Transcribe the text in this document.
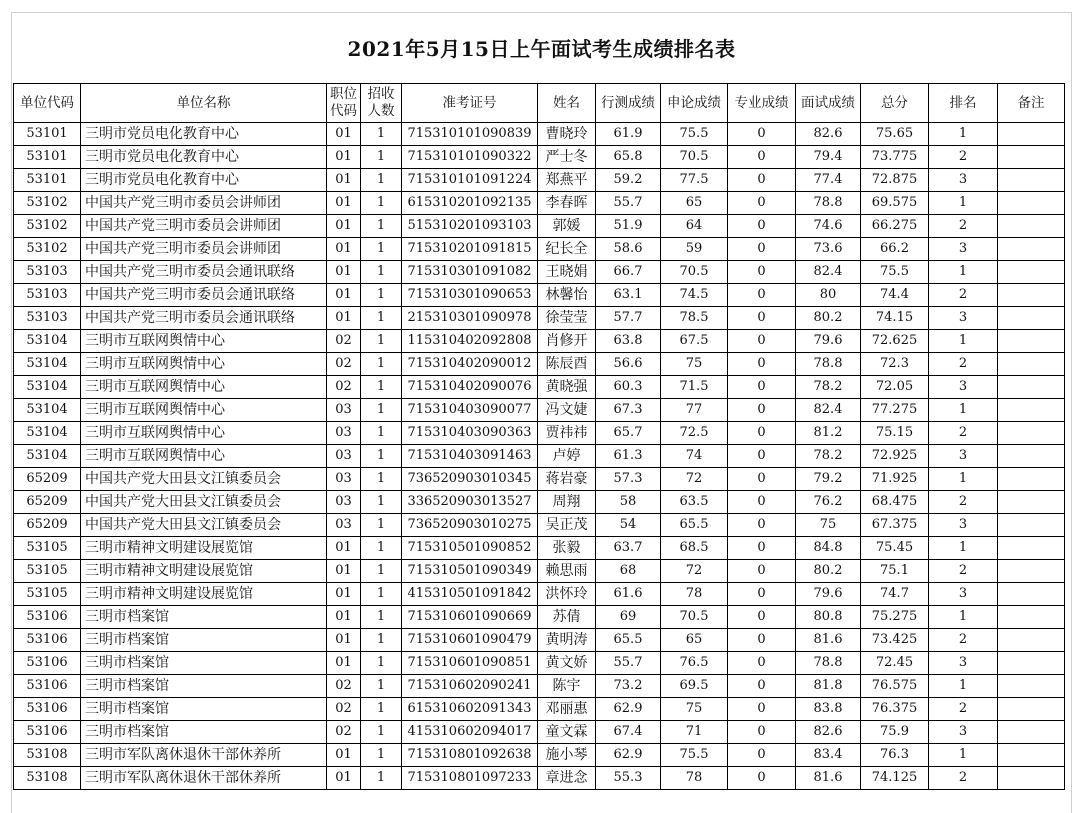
2021年5月15日上午面试考生成绩排名表
单位代码	单位名称	职位代码	招收人数	准考证号	姓名	行测成绩	申论成绩	专业成绩	面试成绩	总分	排名	备注
53101	三明市党员电化教育中心	01	1	715310101090839	曹晓玲	61.9	75.5	0	82.6	75.65	1	
53101	三明市党员电化教育中心	01	1	715310101090322	严士冬	65.8	70.5	0	79.4	73.775	2	
53101	三明市党员电化教育中心	01	1	715310101091224	郑燕平	59.2	77.5	0	77.4	72.875	3	
53102	中国共产党三明市委员会讲师团	01	1	615310201092135	李春晖	55.7	65	0	78.8	69.575	1	
53102	中国共产党三明市委员会讲师团	01	1	515310201093103	郭媛	51.9	64	0	74.6	66.275	2	
53102	中国共产党三明市委员会讲师团	01	1	715310201091815	纪长全	58.6	59	0	73.6	66.2	3	
53103	中国共产党三明市委员会通讯联络	01	1	715310301091082	王晓娟	66.7	70.5	0	82.4	75.5	1	
53103	中国共产党三明市委员会通讯联络	01	1	715310301090653	林馨怡	63.1	74.5	0	80	74.4	2	
53103	中国共产党三明市委员会通讯联络	01	1	215310301090978	徐莹莹	57.7	78.5	0	80.2	74.15	3	
53104	三明市互联网舆情中心	02	1	115310402092808	肖修开	63.8	67.5	0	79.6	72.625	1	
53104	三明市互联网舆情中心	02	1	715310402090012	陈辰酉	56.6	75	0	78.8	72.3	2	
53104	三明市互联网舆情中心	02	1	715310402090076	黄晓强	60.3	71.5	0	78.2	72.05	3	
53104	三明市互联网舆情中心	03	1	715310403090077	冯文婕	67.3	77	0	82.4	77.275	1	
53104	三明市互联网舆情中心	03	1	715310403090363	贾祎祎	65.7	72.5	0	81.2	75.15	2	
53104	三明市互联网舆情中心	03	1	715310403091463	卢婷	61.3	74	0	78.2	72.925	3	
65209	中国共产党大田县文江镇委员会	03	1	736520903010345	蒋岩豪	57.3	72	0	79.2	71.925	1	
65209	中国共产党大田县文江镇委员会	03	1	336520903013527	周翔	58	63.5	0	76.2	68.475	2	
65209	中国共产党大田县文江镇委员会	03	1	736520903010275	吴正茂	54	65.5	0	75	67.375	3	
53105	三明市精神文明建设展览馆	01	1	715310501090852	张毅	63.7	68.5	0	84.8	75.45	1	
53105	三明市精神文明建设展览馆	01	1	715310501090349	赖思雨	68	72	0	80.2	75.1	2	
53105	三明市精神文明建设展览馆	01	1	415310501091842	洪怀玲	61.6	78	0	79.6	74.7	3	
53106	三明市档案馆	01	1	715310601090669	苏倩	69	70.5	0	80.8	75.275	1	
53106	三明市档案馆	01	1	715310601090479	黄明涛	65.5	65	0	81.6	73.425	2	
53106	三明市档案馆	01	1	715310601090851	黄文娇	55.7	76.5	0	78.8	72.45	3	
53106	三明市档案馆	02	1	715310602090241	陈宇	73.2	69.5	0	81.8	76.575	1	
53106	三明市档案馆	02	1	615310602091343	邓丽惠	62.9	75	0	83.8	76.375	2	
53106	三明市档案馆	02	1	415310602094017	童文霖	67.4	71	0	82.6	75.9	3	
53108	三明市军队离休退休干部休养所	01	1	715310801092638	施小琴	62.9	75.5	0	83.4	76.3	1	
53108	三明市军队离休退休干部休养所	01	1	715310801097233	章进念	55.3	78	0	81.6	74.125	2	
